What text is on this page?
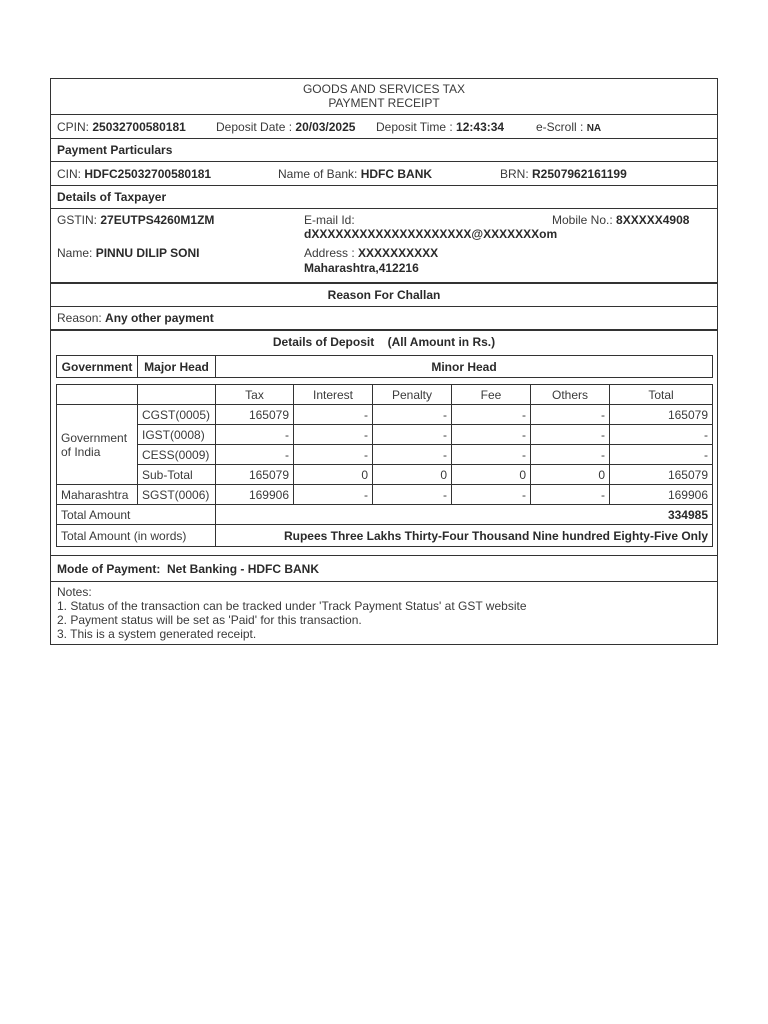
GOODS AND SERVICES TAX
PAYMENT RECEIPT
CPIN: 25032700580181	Deposit Date : 20/03/2025 Deposit Time : 12:43:34	e-Scroll : NA
Payment Particulars
CIN: HDFC25032700580181	Name of Bank: HDFC BANK	BRN: R2507962161199
Details of Taxpayer
GSTIN: 27EUTPS4260M1ZM	E-mail Id:
dXXXXXXXXXXXXXXXXXXXX@XXXXXXXom
Mobile No.: 8XXXXX4908
Name: PINNU DILIP SONI	Address : XXXXXXXXXX
Maharashtra,412216
Reason For Challan
Reason: Any other payment
Details of Deposit (All Amount in Rs.)
Government	Major Head	Minor Head
		Tax	Interest	Penalty	Fee	Others	Total
Government of India	CGST(0005)	165079	-	-	-	-	165079
	IGST(0008)	-	-	-	-	-	-
	CESS(0009)	-	-	-	-	-	-
	Sub-Total	165079	0	0	0	0	165079
Maharashtra	SGST(0006)	169906	-	-	-	-	169906
Total Amount		334985					
Total Amount (in words)		Rupees Three Lakhs Thirty-Four Thousand Nine hundred Eighty-Five Only					
Mode of Payment: Net Banking - HDFC BANK
Notes:
1. Status of the transaction can be tracked under 'Track Payment Status' at GST website
2. Payment status will be set as 'Paid' for this transaction.
3. This is a system generated receipt.
